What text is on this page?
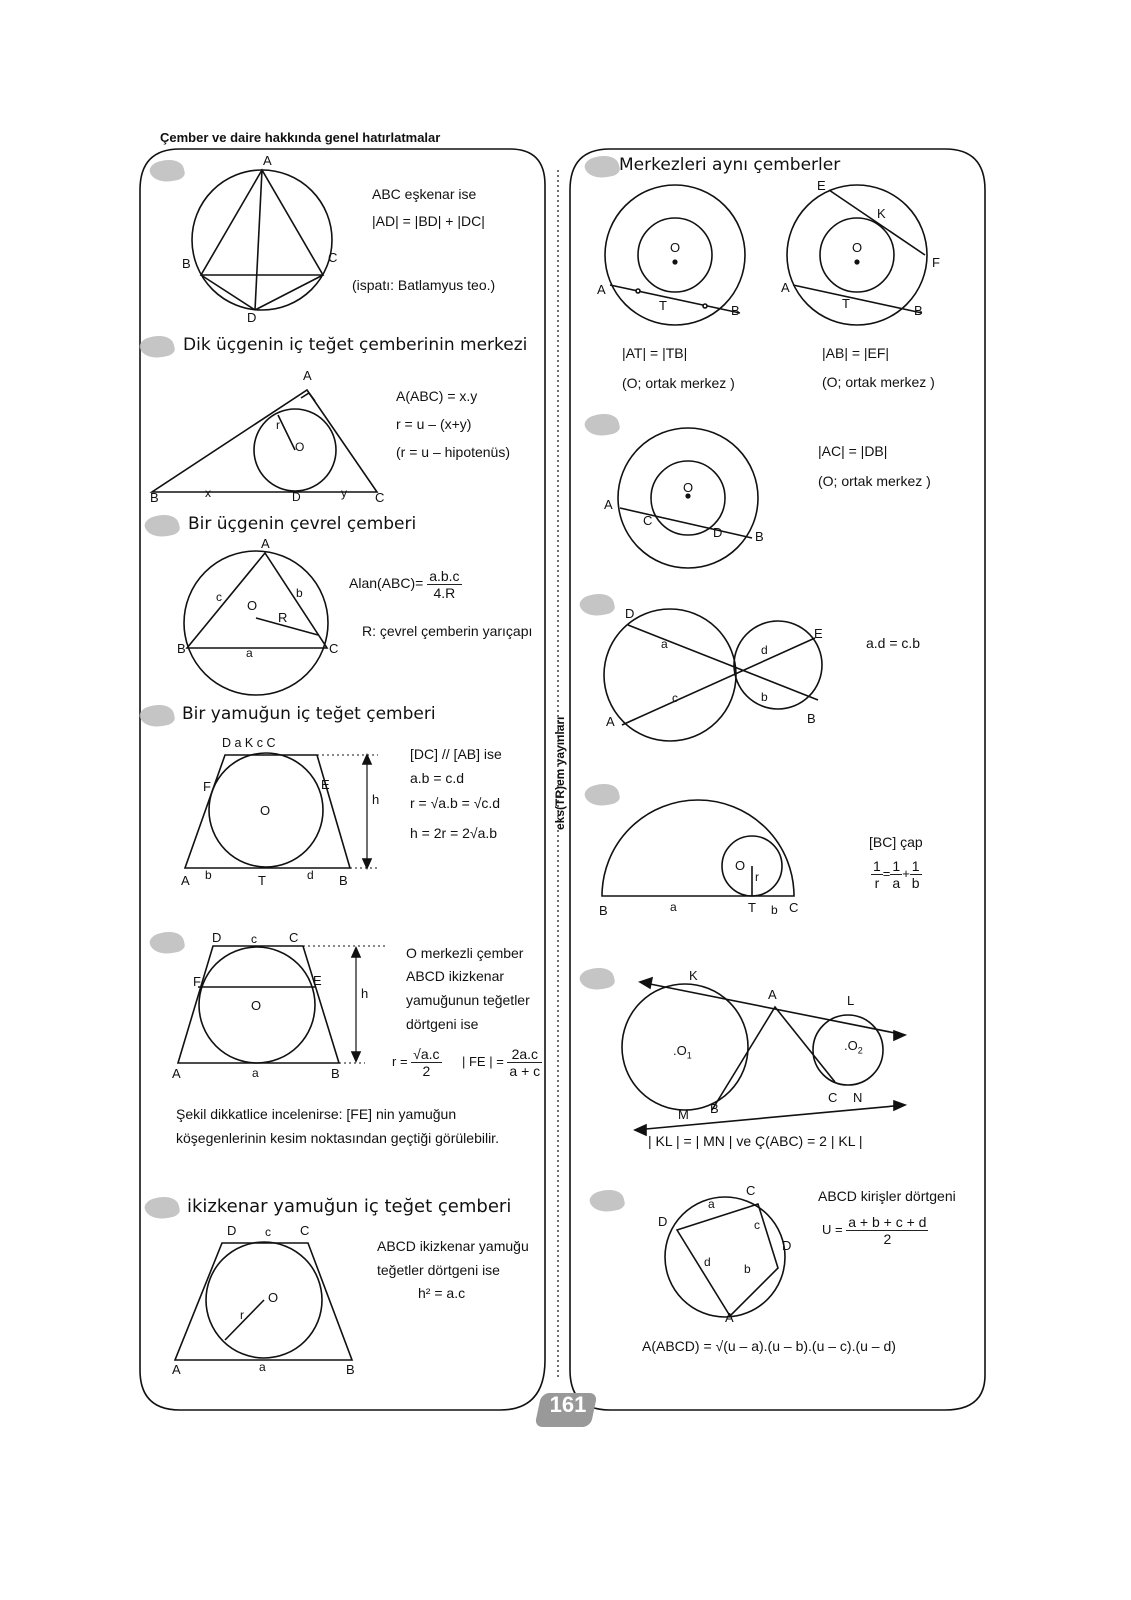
Çember ve daire hakkında genel hatırlatmalar
eks(TR)em yayınları
161
A
B	C
D
ABC eşkenar ise
|AD| = |BD| + |DC|
(ispatı: Batlamyus teo.)
Dik üçgenin iç teğet çemberinin merkezi
A
r
O
B	x	D	y C
A(ABC) = x.y
r = u – (x+y)
(r = u – hipotenüs)
Bir üçgenin çevrel çemberi
A
c	b
O
R
B	a	C
Alan(ABC)= $\frac{a.b.c}{4.R}$
R: çevrel çemberin yarıçapı
Bir yamuğun iç teğet çemberi
D a K c C
F	E
O
h
A b	T	d B
[DC] // [AB] ise
a.b = c.d
r = √a.b = √c.d
h = 2r = 2√a.b
D c C
F	E
O
h
A	a	B
O merkezli çember
ABCD ikizkenar
yamuğunun teğetler
dörtgeni ise
$r = \frac{√a.c}{2}$ | FE | = $\frac{2a.c}{a + c}$
Şekil dikkatlice incelenirse: [FE] nin yamuğun
köşegenlerinin kesim noktasından geçtiği görülebilir.
ikizkenar yamuğun iç teğet çemberi
D c C
O
r
A	a	B
ABCD ikizkenar yamuğu
teğetler dörtgeni ise
h² = a.c
Merkezleri aynı çemberler
O
A
T	B
E
K
O
F
A
T	B
|AT| = |TB|
(O; ortak merkez )
|AB| = |EF|
(O; ortak merkez )
O
A
C
D	B
|AC| = |DB|
(O; ortak merkez )
D
a	d
E
c	b
A	B
a.d = c.b
O
r
B	a	T b C
[BC] çap
$\frac{1}{r} = \frac{1}{a} + \frac{1}{b}$
K
A	L
$.O_1$
$.O_2$
C N
M B
| KL | = | MN | ve Ç(ABC) = 2 | KL |
C
D
a
c
D
d	b
A
ABCD kirişler dörtgeni
$U = \frac{a + b + c + d}{2}$
A(ABCD) = √(u – a).(u – b).(u – c).(u – d)
